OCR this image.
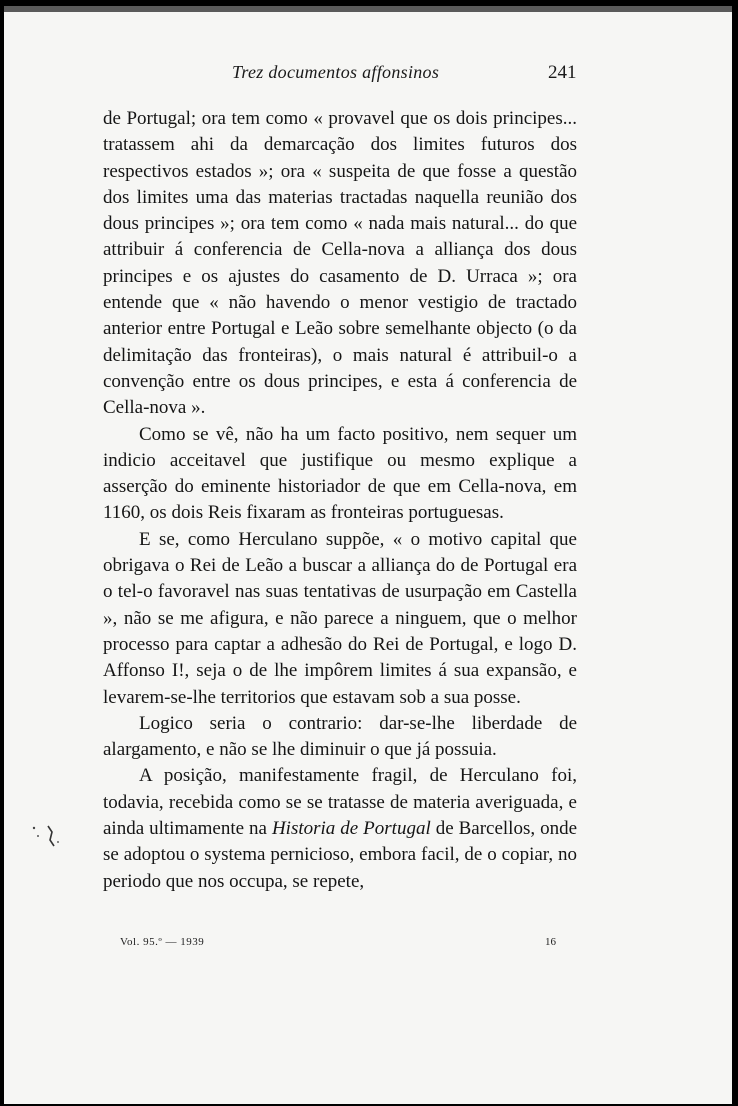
Trez documentos affonsinos	241

de Portugal; ora tem como « provavel que os dois principes... tratassem ahi da demarcação dos limites futuros dos respectivos estados »; ora « suspeita de que fosse a questão dos limites uma das materias tractadas naquella reunião dos dous principes »; ora tem como « nada mais natural... do que attribuir á conferencia de Cella-nova a alliança dos dous principes e os ajustes do casamento de D. Urraca »; ora entende que « não havendo o menor vestigio de tractado anterior entre Portugal e Leão sobre semelhante objecto (o da delimitação das fronteiras), o mais natural é attribuil-o a convenção entre os dous principes, e esta á conferencia de Cella-nova ».

Como se vê, não ha um facto positivo, nem sequer um indicio acceitavel que justifique ou mesmo explique a asserção do eminente historiador de que em Cella-nova, em 1160, os dois Reis fixaram as fronteiras portuguesas.

E se, como Herculano suppõe, « o motivo capital que obrigava o Rei de Leão a buscar a alliança do de Portugal era o tel-o favoravel nas suas tentativas de usurpação em Castella », não se me afigura, e não parece a ninguem, que o melhor processo para captar a adhesão do Rei de Portugal, e logo D. Affonso I!, seja o de lhe impôrem limites á sua expansão, e levarem-se-lhe territorios que estavam sob a sua posse.

Logico seria o contrario: dar-se-lhe liberdade de alargamento, e não se lhe diminuir o que já possuia.

A posição, manifestamente fragil, de Herculano foi, todavia, recebida como se se tratasse de materia averiguada, e ainda ultimamente na Historia de Portugal de Barcellos, onde se adoptou o systema pernicioso, embora facil, de o copiar, no periodo que nos occupa, se repete,

Vol. 95.º — 1939	16
